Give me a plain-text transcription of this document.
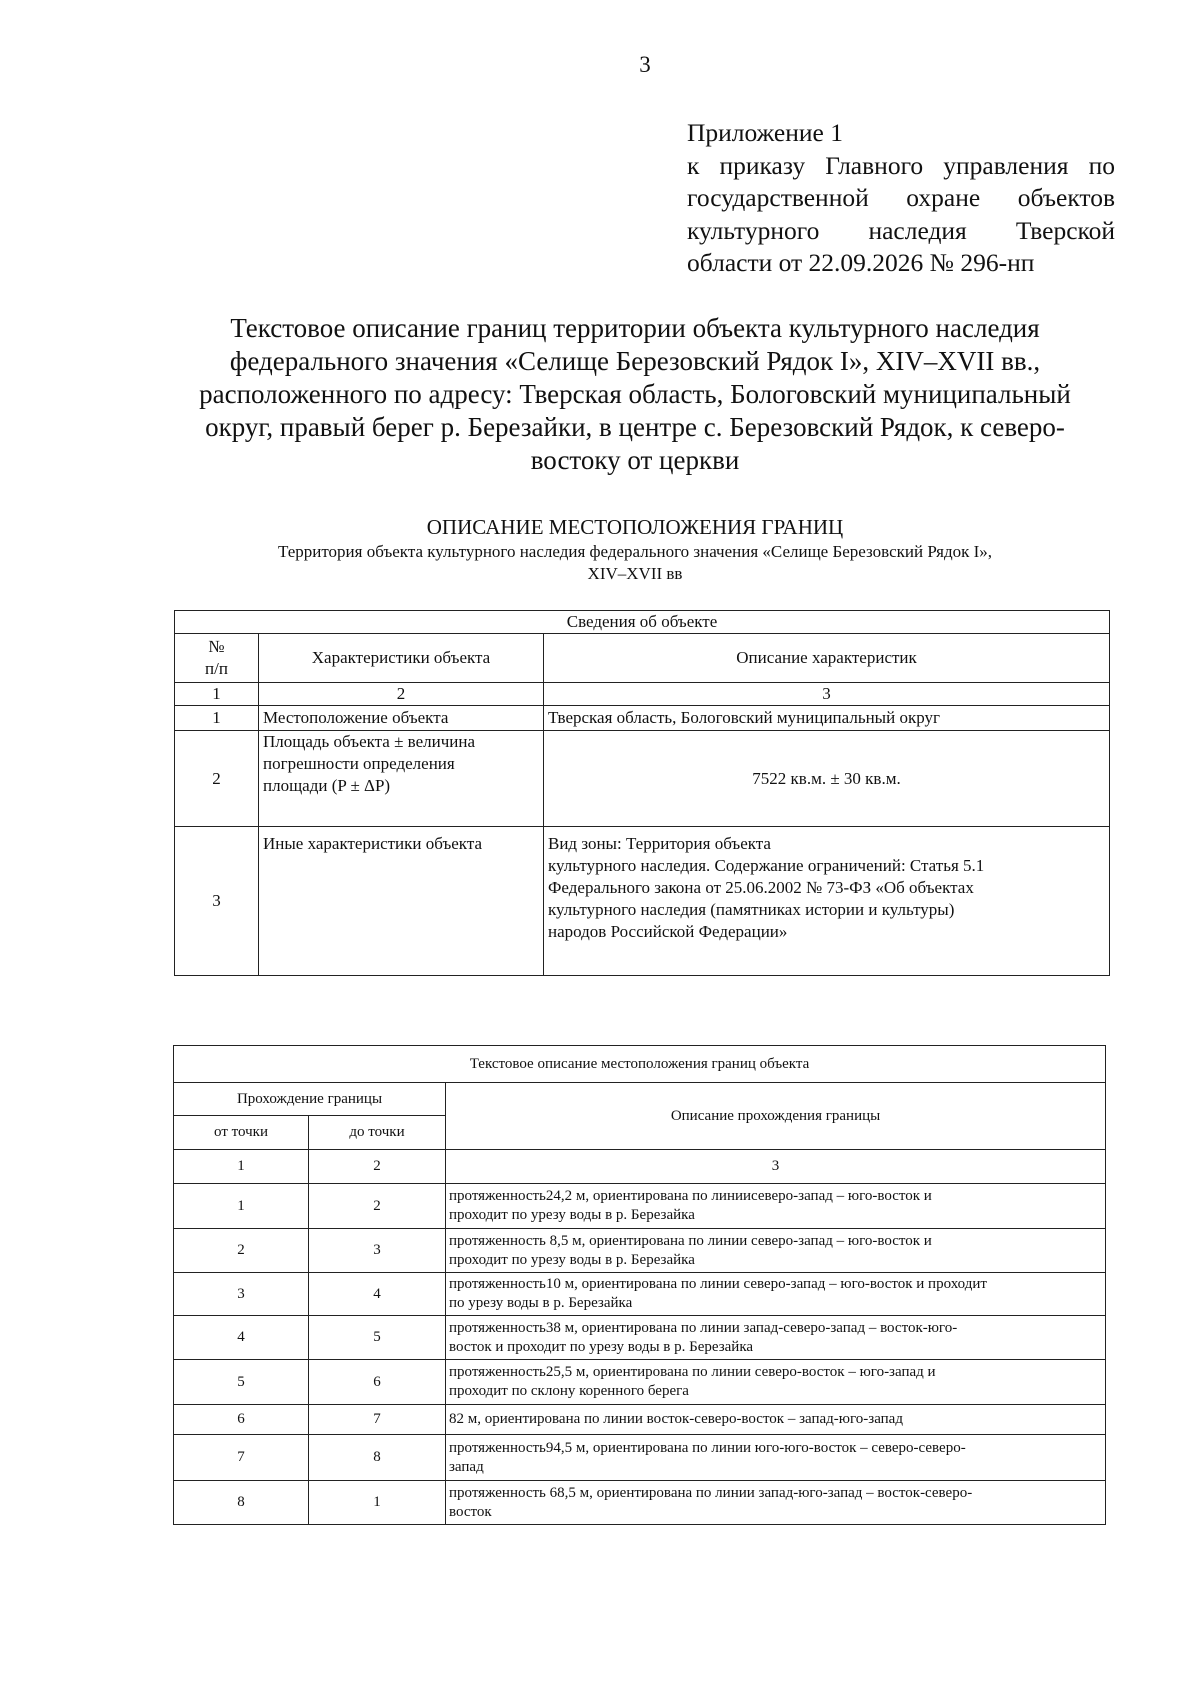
3
Приложение 1
к приказу Главного управления по
государственной охране объектов
культурного наследия Тверской
области от 22.09.2026 № 296-нп
Текстовое описание границ территории объекта культурного наследия
федерального значения «Селище Березовский Рядок I», XIV–XVII вв.,
расположенного по адресу: Тверская область, Бологовский муниципальный
округ, правый берег р. Березайки, в центре с. Березовский Рядок, к северо-
востоку от церкви
ОПИСАНИЕ МЕСТОПОЛОЖЕНИЯ ГРАНИЦ
Территория объекта культурного наследия федерального значения «Селище Березовский Рядок I»,
XIV–XVII вв
Сведения об объекте		
№ п/п	Характеристики объекта	Описание характеристик
1	2	3
1	Местоположение объекта	Тверская область, Бологовский муниципальный округ
2	Площадь объекта ± величина
погрешности определения
площади (P ± ΔP)	7522 кв.м. ± 30 кв.м.
3	Иные характеристики объекта	Вид зоны: Территория объекта
культурного наследия. Содержание ограничений: Статья 5.1
Федерального закона от 25.06.2002 № 73-ФЗ «Об объектах
культурного наследия (памятниках истории и культуры)
народов Российской Федерации»
Текстовое описание местоположения границ объекта		
Прохождение границы		Описание прохождения границы
от точки	до точки	
1	2	3
1	2	протяженность24,2 м, ориентирована по линиисеверо-запад – юго-восток и
проходит по урезу воды в р. Березайка

2	3	протяженность 8,5 м, ориентирована по линии северо-запад – юго-восток и
проходит по урезу воды в р. Березайка

3	4	протяженность10 м, ориентирована по линии северо-запад – юго-восток и проходит
по урезу воды в р. Березайка

4	5	протяженность38 м, ориентирована по линии запад-северо-запад – восток-юго-
восток и проходит по урезу воды в р. Березайка

5	6	протяженность25,5 м, ориентирована по линии северо-восток – юго-запад и
проходит по склону коренного берега

6	7	82 м, ориентирована по линии восток-северо-восток – запад-юго-запад

7	8	протяженность94,5 м, ориентирована по линии юго-юго-восток – северо-северо-
запад

8	1	протяженность 68,5 м, ориентирована по линии запад-юго-запад – восток-северо-
восток
